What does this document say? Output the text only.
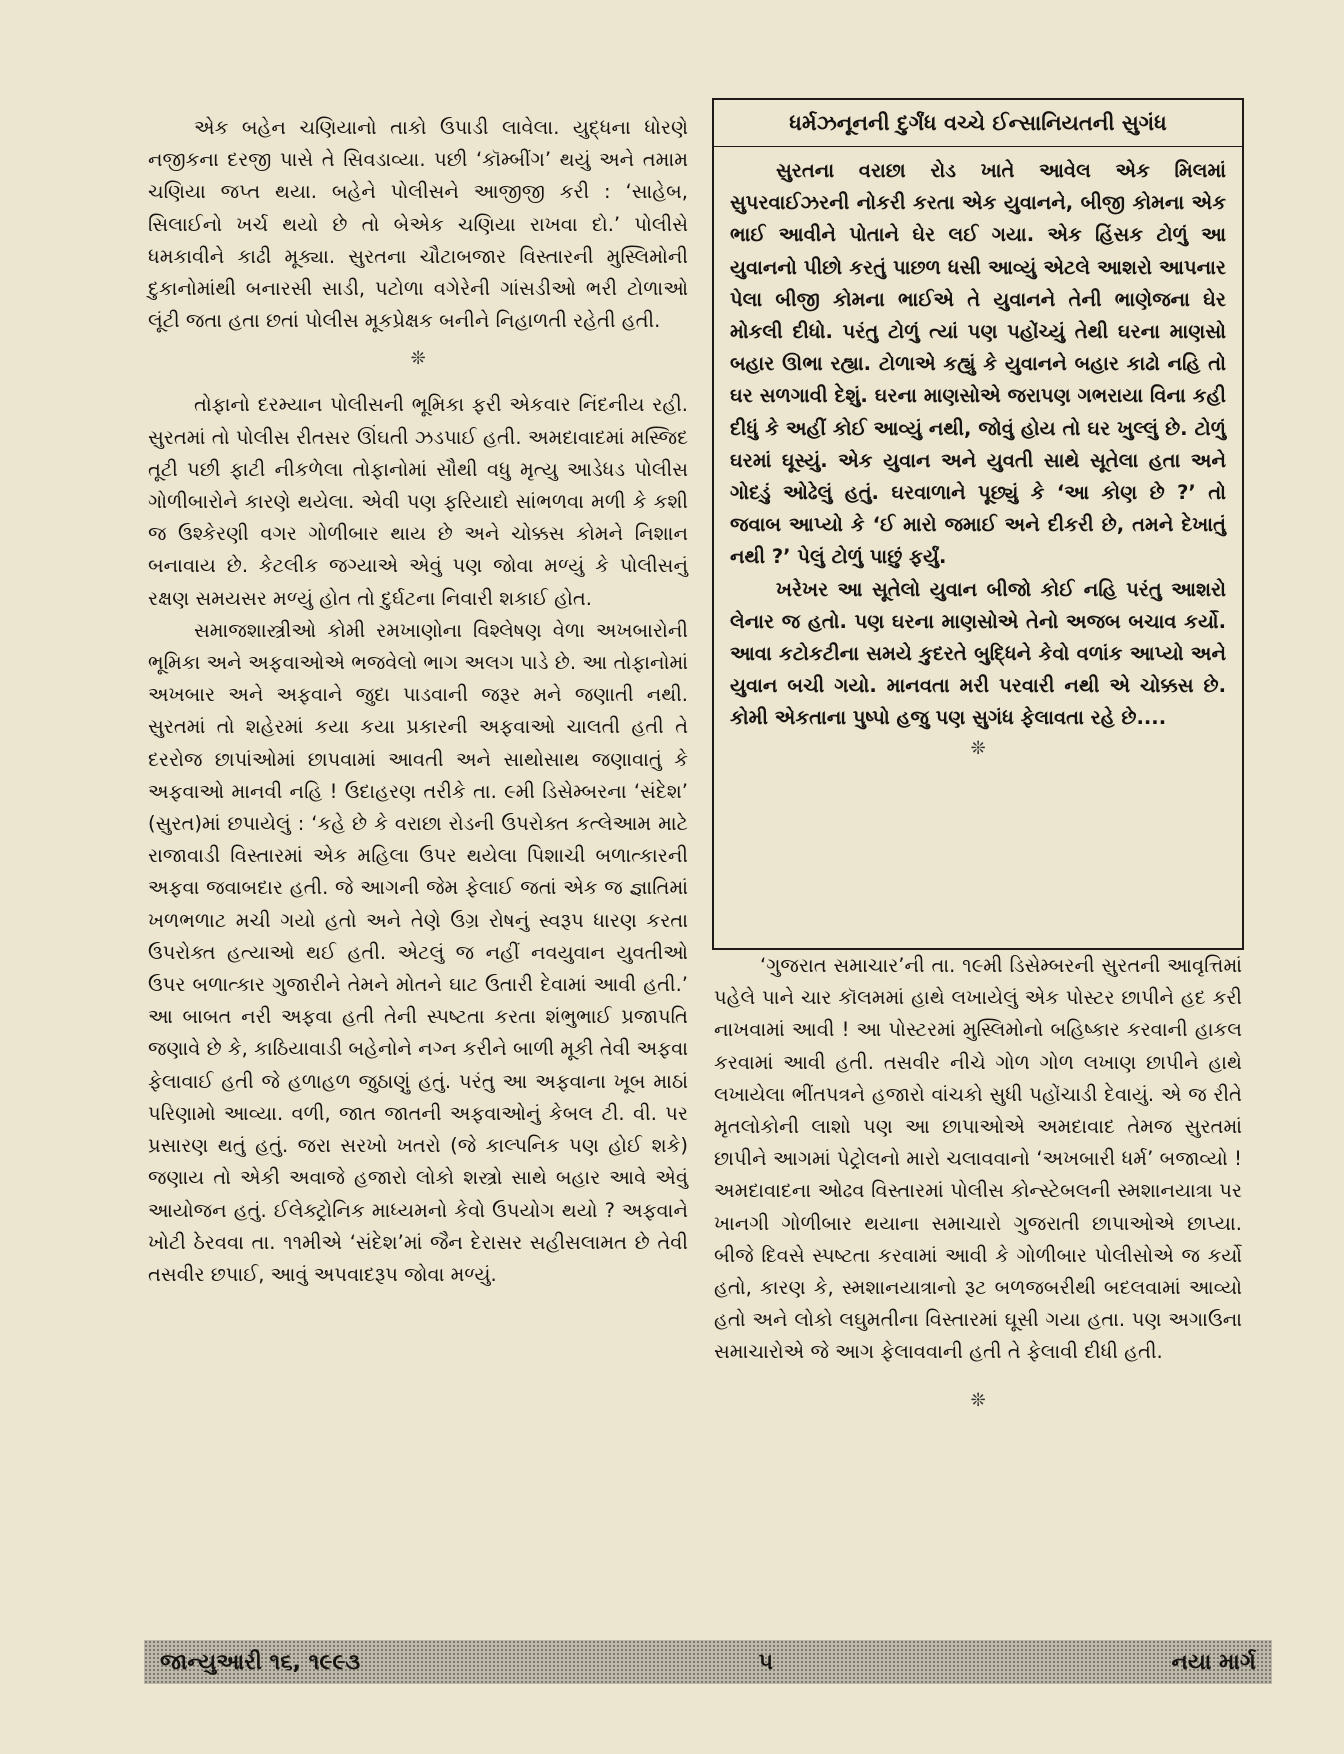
એક બહેન ચણિયાનો તાકો ઉપાડી લાવેલા. યુદ્ધના ધોરણે નજીકના દરજી પાસે તે સિવડાવ્યા. પછી ‘કૉમ્બીંગ’ થયું અને તમામ ચણિયા જપ્ત થયા. બહેને પોલીસને આજીજી કરી : ‘સાહેબ, સિલાઈનો ખર્ચ થયો છે તો બેએક ચણિયા રાખવા દો.’ પોલીસે ધમકાવીને કાઢી મૂક્યા. સુરતના ચૌટાબજાર વિસ્તારની મુસ્લિમોની દુકાનોમાંથી બનારસી સાડી, પટોળા વગેરેની ગાંસડીઓ ભરી ટોળાઓ લૂંટી જતા હતા છતાં પોલીસ મૂકપ્રેક્ષક બનીને નિહાળતી રહેતી હતી.

❊

તોફાનો દરમ્યાન પોલીસની ભૂમિકા ફરી એકવાર નિંદનીય રહી. સુરતમાં તો પોલીસ રીતસર ઊંઘતી ઝડપાઈ હતી. અમદાવાદમાં મસ્જિદ તૂટી પછી ફાટી નીકળેલા તોફાનોમાં સૌથી વધુ મૃત્યુ આડેધડ પોલીસ ગોળીબારોને કારણે થયેલા. એવી પણ ફરિયાદો સાંભળવા મળી કે કશી જ ઉશ્કેરણી વગર ગોળીબાર થાય છે અને ચોક્કસ કોમને નિશાન બનાવાય છે. કેટલીક જગ્યાએ એવું પણ જોવા મળ્યું કે પોલીસનું રક્ષણ સમયસર મળ્યું હોત તો દુર્ઘટના નિવારી શકાઈ હોત.

સમાજશાસ્ત્રીઓ કોમી રમખાણોના વિશ્લેષણ વેળા અખબારોની ભૂમિકા અને અફવાઓએ ભજવેલો ભાગ અલગ પાડે છે. આ તોફાનોમાં અખબાર અને અફવાને જુદા પાડવાની જરૂર મને જણાતી નથી. સુરતમાં તો શહેરમાં કયા કયા પ્રકારની અફવાઓ ચાલતી હતી તે દરરોજ છાપાંઓમાં છાપવામાં આવતી અને સાથોસાથ જણાવાતું કે અફવાઓ માનવી નહિ ! ઉદાહરણ તરીકે તા. ૯મી ડિસેમ્બરના ‘સંદેશ’ (સુરત)માં છપાયેલું : ‘કહે છે કે વરાછા રોડની ઉપરોક્ત કત્લેઆમ માટે રાજાવાડી વિસ્તારમાં એક મહિલા ઉપર થયેલા પિશાચી બળાત્કારની અફવા જવાબદાર હતી. જે આગની જેમ ફેલાઈ જતાં એક જ જ્ઞાતિમાં ખળભળાટ મચી ગયો હતો અને તેણે ઉગ્ર રોષનું સ્વરૂપ ધારણ કરતા ઉપરોક્ત હત્યાઓ થઈ હતી. એટલું જ નહીં નવયુવાન યુવતીઓ ઉપર બળાત્કાર ગુજારીને તેમને મોતને ઘાટ ઉતારી દેવામાં આવી હતી.’ આ બાબત નરી અફવા હતી તેની સ્પષ્ટતા કરતા શંભુભાઈ પ્રજાપતિ જણાવે છે કે, કાઠિયાવાડી બહેનોને નગ્ન કરીને બાળી મૂકી તેવી અફવા ફેલાવાઈ હતી જે હળાહળ જુઠાણું હતું. પરંતુ આ અફવાના ખૂબ માઠાં પરિણામો આવ્યા. વળી, જાત જાતની અફવાઓનું કેબલ ટી. વી. પર પ્રસારણ થતું હતું. જરા સરખો ખતરો (જે કાલ્પનિક પણ હોઈ શકે) જણાય તો એકી અવાજે હજારો લોકો શસ્ત્રો સાથે બહાર આવે એવું આયોજન હતું. ઈલેક્ટ્રોનિક માધ્યમનો કેવો ઉપયોગ થયો ? અફવાને ખોટી ઠેરવવા તા. ૧૧મીએ ‘સંદેશ’માં જૈન દેરાસર સહીસલામત છે તેવી તસવીર છપાઈ, આવું અપવાદરૂપ જોવા મળ્યું.

ધર્મઝનૂનની દુર્ગંધ વચ્ચે ઈન્સાનિયતની સુગંધ

સુરતના વરાછા રોડ ખાતે આવેલ એક મિલમાં સુપરવાઈઝરની નોકરી કરતા એક યુવાનને, બીજી કોમના એક ભાઈ આવીને પોતાને ઘેર લઈ ગયા. એક હિંસક ટોળું આ યુવાનનો પીછો કરતું પાછળ ધસી આવ્યું એટલે આશરો આપનાર પેલા બીજી કોમના ભાઈએ તે યુવાનને તેની ભાણેજના ઘેર મોકલી દીધો. પરંતુ ટોળું ત્યાં પણ પહોંચ્યું તેથી ઘરના માણસો બહાર ઊભા રહ્યા. ટોળાએ કહ્યું કે યુવાનને બહાર કાઢો નહિ તો ઘર સળગાવી દેશું. ઘરના માણસોએ જરાપણ ગભરાયા વિના કહી દીધું કે અહીં કોઈ આવ્યું નથી, જોવું હોય તો ઘર ખુલ્લું છે. ટોળું ઘરમાં ઘૂસ્યું. એક યુવાન અને યુવતી સાથે સૂતેલા હતા અને ગોદડું ઓઢેલું હતું. ઘરવાળાને પૂછ્યું કે ‘આ કોણ છે ?’ તો જવાબ આપ્યો કે ‘ઈ મારો જમાઈ અને દીકરી છે, તમને દેખાતું નથી ?’ પેલું ટોળું પાછું ફર્યું.

ખરેખર આ સૂતેલો યુવાન બીજો કોઈ નહિ પરંતુ આશરો લેનાર જ હતો. પણ ઘરના માણસોએ તેનો અજબ બચાવ કર્યો. આવા કટોકટીના સમયે કુદરતે બુદ્ધિને કેવો વળાંક આપ્યો અને યુવાન બચી ગયો. માનવતા મરી પરવારી નથી એ ચોક્કસ છે. કોમી એકતાના પુષ્પો હજુ પણ સુગંધ ફેલાવતા રહે છે....

❊

‘ગુજરાત સમાચાર’ની તા. ૧૯મી ડિસેમ્બરની સુરતની આવૃત્તિમાં પહેલે પાને ચાર કૉલમમાં હાથે લખાયેલું એક પોસ્ટર છાપીને હદ કરી નાખવામાં આવી ! આ પોસ્ટરમાં મુસ્લિમોનો બહિષ્કાર કરવાની હાકલ કરવામાં આવી હતી. તસવીર નીચે ગોળ ગોળ લખાણ છાપીને હાથે લખાયેલા ભીંતપત્રને હજારો વાંચકો સુધી પહોંચાડી દેવાયું. એ જ રીતે મૃતલોકોની લાશો પણ આ છાપાઓએ અમદાવાદ તેમજ સુરતમાં છાપીને આગમાં પેટ્રોલનો મારો ચલાવવાનો ‘અખબારી ધર્મ’ બજાવ્યો ! અમદાવાદના ઓઢવ વિસ્તારમાં પોલીસ કોન્સ્ટેબલની સ્મશાનયાત્રા પર ખાનગી ગોળીબાર થયાના સમાચારો ગુજરાતી છાપાઓએ છાપ્યા. બીજે દિવસે સ્પષ્ટતા કરવામાં આવી કે ગોળીબાર પોલીસોએ જ કર્યો હતો, કારણ કે, સ્મશાનયાત્રાનો રૂટ બળજબરીથી બદલવામાં આવ્યો હતો અને લોકો લઘુમતીના વિસ્તારમાં ઘૂસી ગયા હતા. પણ અગાઉના સમાચારોએ જે આગ ફેલાવવાની હતી તે ફેલાવી દીધી હતી.

❊

જાન્યુઆરી ૧૬, ૧૯૯૩	૫	નયા માર્ગ
